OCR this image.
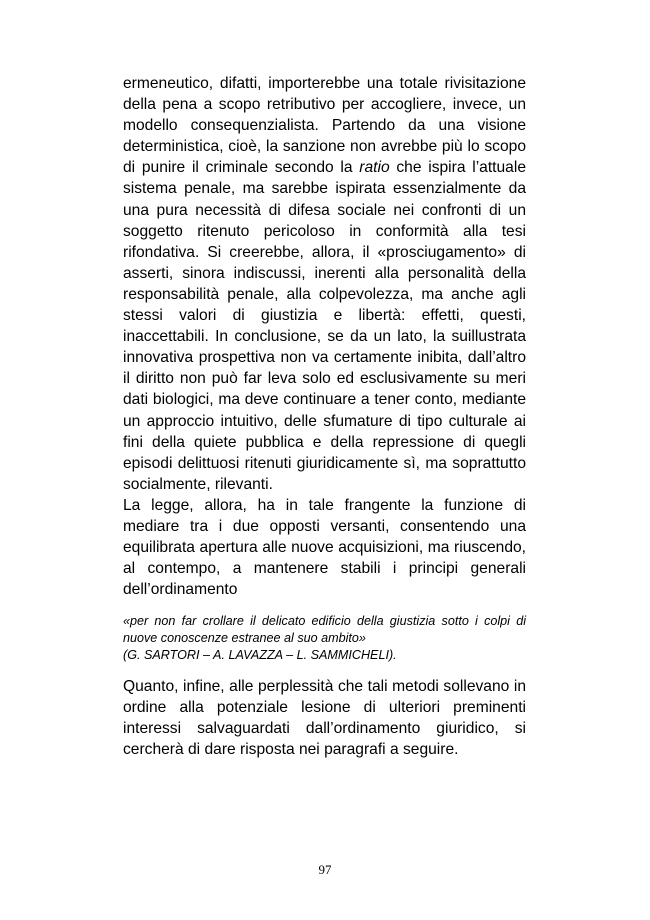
ermeneutico, difatti, importerebbe una totale rivisitazione della pena a scopo retributivo per accogliere, invece, un modello consequenzialista. Partendo da una visione deterministica, cioè, la sanzione non avrebbe più lo scopo di punire il criminale secondo la ratio che ispira l’attuale sistema penale, ma sarebbe ispirata essenzialmente da una pura necessità di difesa sociale nei confronti di un soggetto ritenuto pericoloso in conformità alla tesi rifondativa. Si creerebbe, allora, il «prosciugamento» di asserti, sinora indiscussi, inerenti alla personalità della responsabilità penale, alla colpevolezza, ma anche agli stessi valori di giustizia e libertà: effetti, questi, inaccettabili. In conclusione, se da un lato, la suillustrata innovativa prospettiva non va certamente inibita, dall’altro il diritto non può far leva solo ed esclusivamente su meri dati biologici, ma deve continuare a tener conto, mediante un approccio intuitivo, delle sfumature di tipo culturale ai fini della quiete pubblica e della repressione di quegli episodi delittuosi ritenuti giuridicamente sì, ma soprattutto socialmente, rilevanti.

La legge, allora, ha in tale frangente la funzione di mediare tra i due opposti versanti, consentendo una equilibrata apertura alle nuove acquisizioni, ma riuscendo, al contempo, a mantenere stabili i principi generali dell’ordinamento

«per non far crollare il delicato edificio della giustizia sotto i colpi di nuove conoscenze estranee al suo ambito»
(G. SARTORI – A. LAVAZZA – L. SAMMICHELI).

Quanto, infine, alle perplessità che tali metodi sollevano in ordine alla potenziale lesione di ulteriori preminenti interessi salvaguardati dall’ordinamento giuridico, si cercherà di dare risposta nei paragrafi a seguire.

97
